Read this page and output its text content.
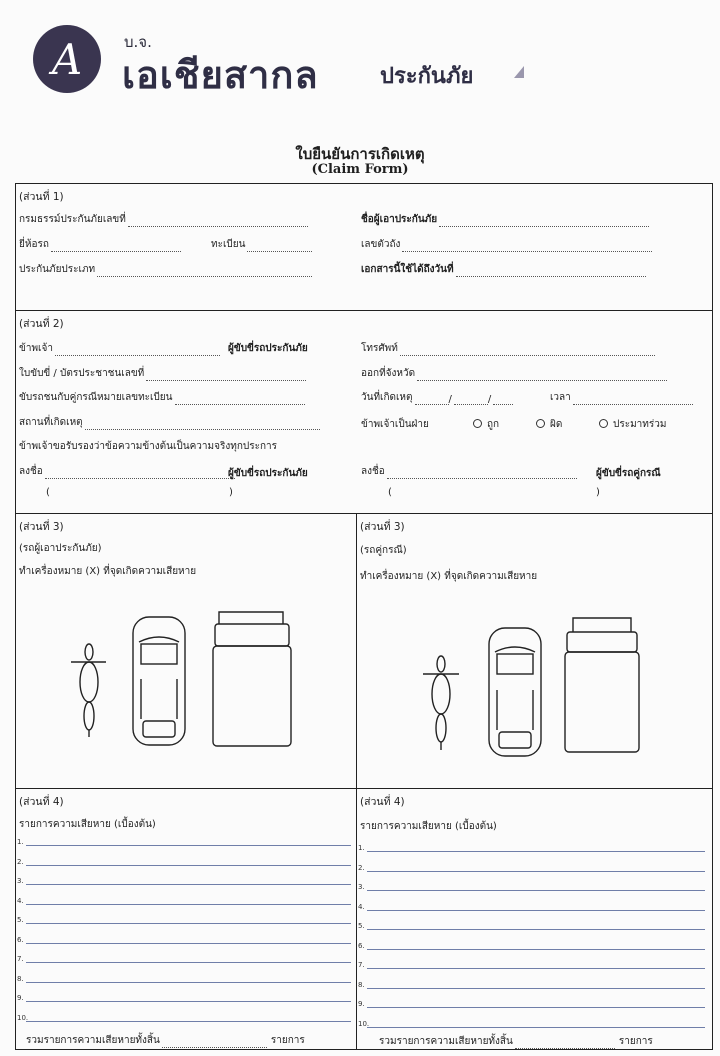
A	บ.จ.
เอเชียสากล	ประกันภัย
ใบยืนยันการเกิดเหตุ
(Claim Form)
(ส่วนที่ 1)
กรมธรรม์ประกันภัยเลขที่	ชื่อผู้เอาประกันภัย
ยี่ห้อรถ	ทะเบียน	เลขตัวถัง
ประกันภัยประเภท	เอกสารนี้ใช้ได้ถึงวันที่
(ส่วนที่ 2)
ข้าพเจ้า	ผู้ขับขี่รถประกันภัย	โทรศัพท์
ใบขับขี่ / บัตรประชาชนเลขที่	ออกที่จังหวัด
ขับรถชนกับคู่กรณีหมายเลขทะเบียน	วันที่เกิดเหตุ	/	/	เวลา
สถานที่เกิดเหตุ	ข้าพเจ้าเป็นฝ่าย	ถูก	ผิด	ประมาทร่วม
ข้าพเจ้าขอรับรองว่าข้อความข้างต้นเป็นความจริงทุกประการ
ลงชื่อ	ผู้ขับขี่รถประกันภัย	ลงชื่อ	ผู้ขับขี่รถคู่กรณี
(	)	(	)
(ส่วนที่ 3)
(รถผู้เอาประกันภัย)
ทำเครื่องหมาย (X) ที่จุดเกิดความเสียหาย
(ส่วนที่ 3)
(รถคู่กรณี)
ทำเครื่องหมาย (X) ที่จุดเกิดความเสียหาย
(ส่วนที่ 4)
รายการความเสียหาย (เบื้องต้น)
รวมรายการความเสียหายทั้งสิ้น	รายการ
1.
2.
3.
4.
5.
6.
7.
8.
9.
10.
(ส่วนที่ 4)
รายการความเสียหาย (เบื้องต้น)
รวมรายการความเสียหายทั้งสิ้น	รายการ
1.
2.
3.
4.
5.
6.
7.
8.
9.
10.
